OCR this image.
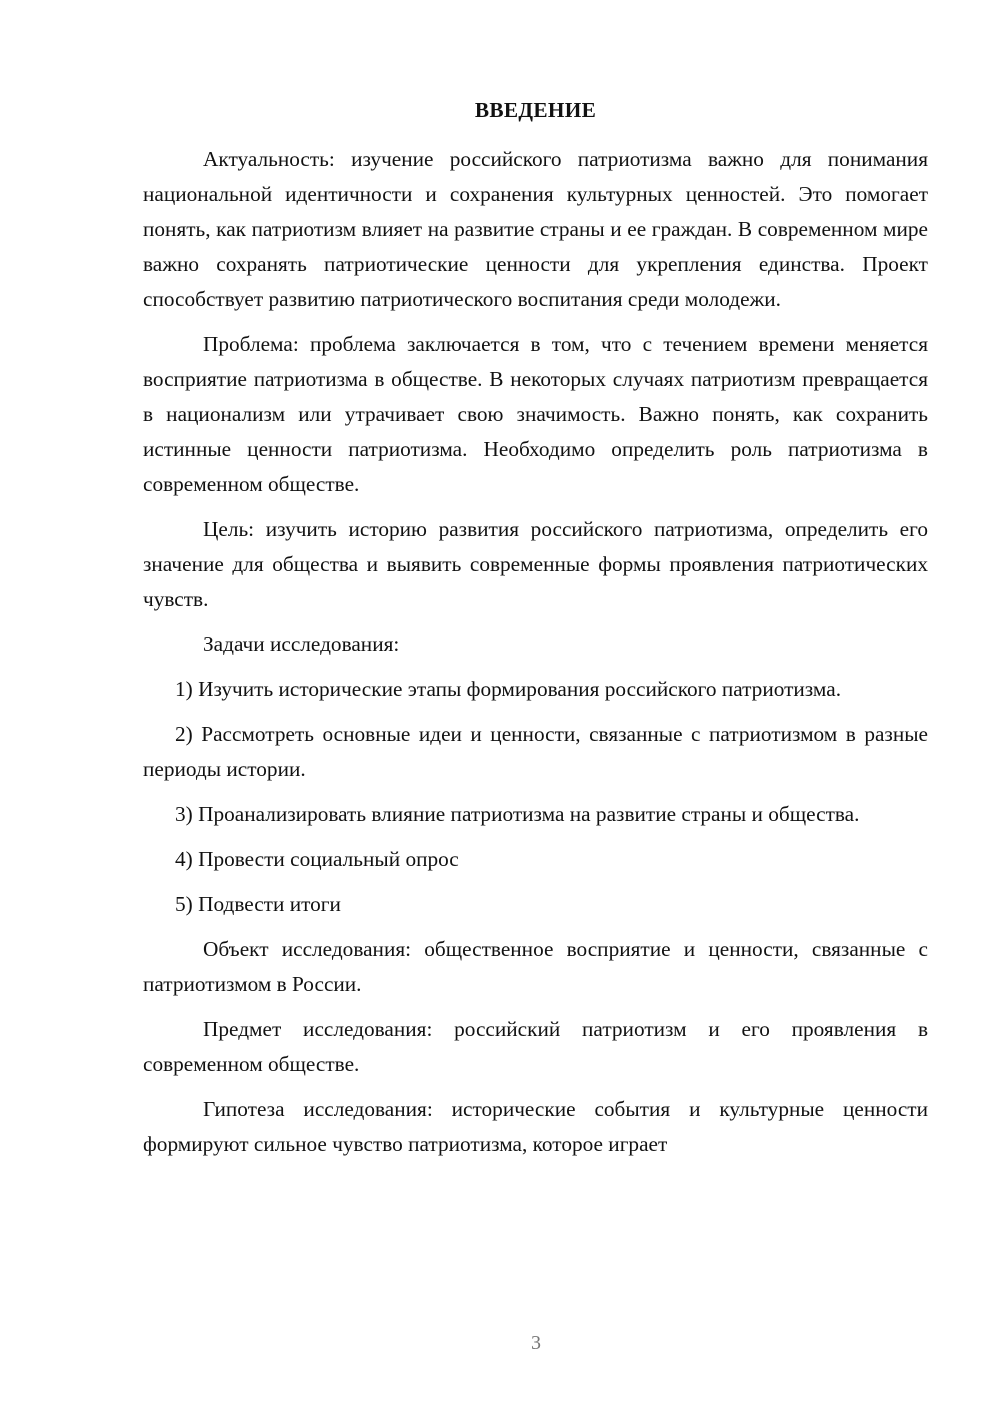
ВВЕДЕНИЕ

Актуальность: изучение российского патриотизма важно для понимания национальной идентичности и сохранения культурных ценностей. Это помогает понять, как патриотизм влияет на развитие страны и ее граждан. В современном мире важно сохранять патриотические ценности для укрепления единства. Проект способствует развитию патриотического воспитания среди молодежи.

Проблема: проблема заключается в том, что с течением времени меняется восприятие патриотизма в обществе. В некоторых случаях патриотизм превращается в национализм или утрачивает свою значимость. Важно понять, как сохранить истинные ценности патриотизма. Необходимо определить роль патриотизма в современном обществе.

Цель: изучить историю развития российского патриотизма, определить его значение для общества и выявить современные формы проявления патриотических чувств.

Задачи исследования:

1) Изучить исторические этапы формирования российского патриотизма.

2) Рассмотреть основные идеи и ценности, связанные с патриотизмом в разные периоды истории.

3) Проанализировать влияние патриотизма на развитие страны и общества.

4) Провести социальный опрос

5) Подвести итоги

Объект исследования: общественное восприятие и ценности, связанные с патриотизмом в России.

Предмет исследования: российский патриотизм и его проявления в современном обществе.

Гипотеза исследования: исторические события и культурные ценности формируют сильное чувство патриотизма, которое играет

3
